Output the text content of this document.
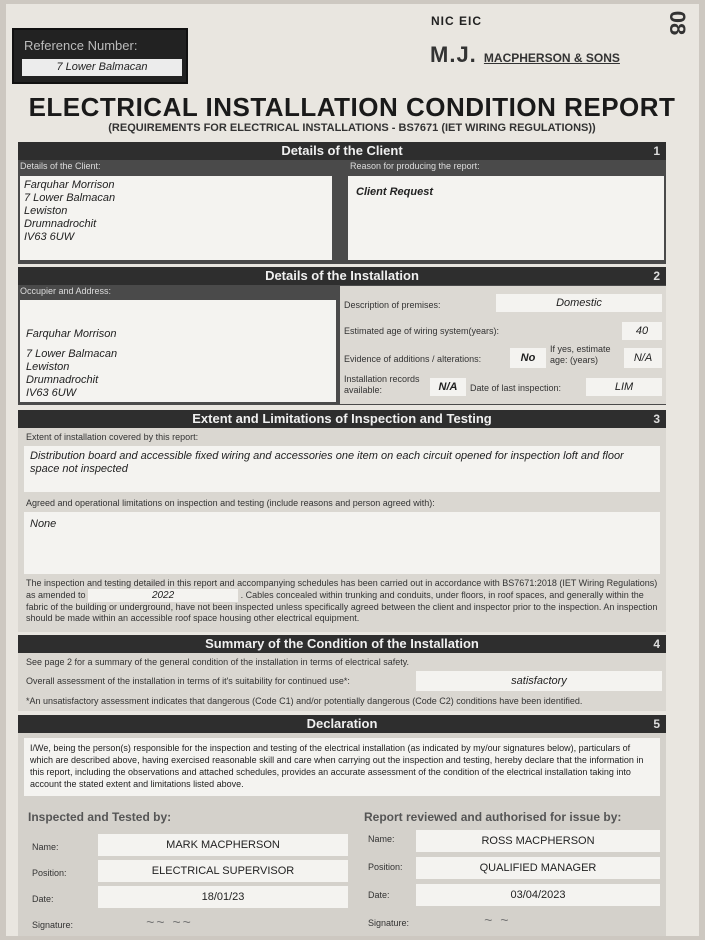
Reference Number:
7 Lower Balmacan
08
NIC EIC
M.J. MACPHERSON & SONS
ELECTRICAL INSTALLATION CONDITION REPORT
(REQUIREMENTS FOR ELECTRICAL INSTALLATIONS - BS7671 (IET WIRING REGULATIONS))
Details of the Client	1
Details of the Client:	Reason for producing the report:
Farquhar Morrison
7 Lower Balmacan
Lewiston
Drumnadrochit
IV63 6UW
Client Request
Details of the Installation	2
Occupier and Address:
Farquhar Morrison
7 Lower Balmacan
Lewiston
Drumnadrochit
IV63 6UW
Description of premises:	Domestic
Estimated age of wiring system(years):	40
Evidence of additions / alterations:	No
If yes, estimate age: (years)	N/A
Installation records available:	N/A	Date of last inspection:	LIM
Extent and Limitations of Inspection and Testing	3
Extent of installation covered by this report:
Distribution board and accessible fixed wiring and accessories one item on each circuit opened for inspection loft and floor space not inspected
Agreed and operational limitations on inspection and testing (include reasons and person agreed with):
None
The inspection and testing detailed in this report and accompanying schedules has been carried out in accordance with BS7671:2018 (IET Wiring Regulations) as amended to	2022	. Cables concealed within trunking and conduits, under floors, in roof spaces, and generally within the fabric of the building or underground, have not been inspected unless specifically agreed between the client and inspector prior to the inspection. An inspection should be made within an accessible roof space housing other electrical equipment.
Summary of the Condition of the Installation	4
See page 2 for a summary of the general condition of the installation in terms of electrical safety.
Overall assessment of the installation in terms of it's suitability for continued use*:	satisfactory
*An unsatisfactory assessment indicates that dangerous (Code C1) and/or potentially dangerous (Code C2) conditions have been identified.
Declaration	5
I/We, being the person(s) responsible for the inspection and testing of the electrical installation (as indicated by my/our signatures below), particulars of which are described above, having exercised reasonable skill and care when carrying out the inspection and testing, hereby declare that the information in this report, including the observations and attached schedules, provides an accurate assessment of the condition of the electrical installation taking into account the stated extent and limitations listed above.
Inspected and Tested by:	Report reviewed and authorised for issue by:
Name:	MARK MACPHERSON
Position:	ELECTRICAL SUPERVISOR
Date:	18/01/23
Signature:	~~ ~~
Name:	ROSS MACPHERSON
Position:	QUALIFIED MANAGER
Date:	03/04/2023
Signature:	~ ~
